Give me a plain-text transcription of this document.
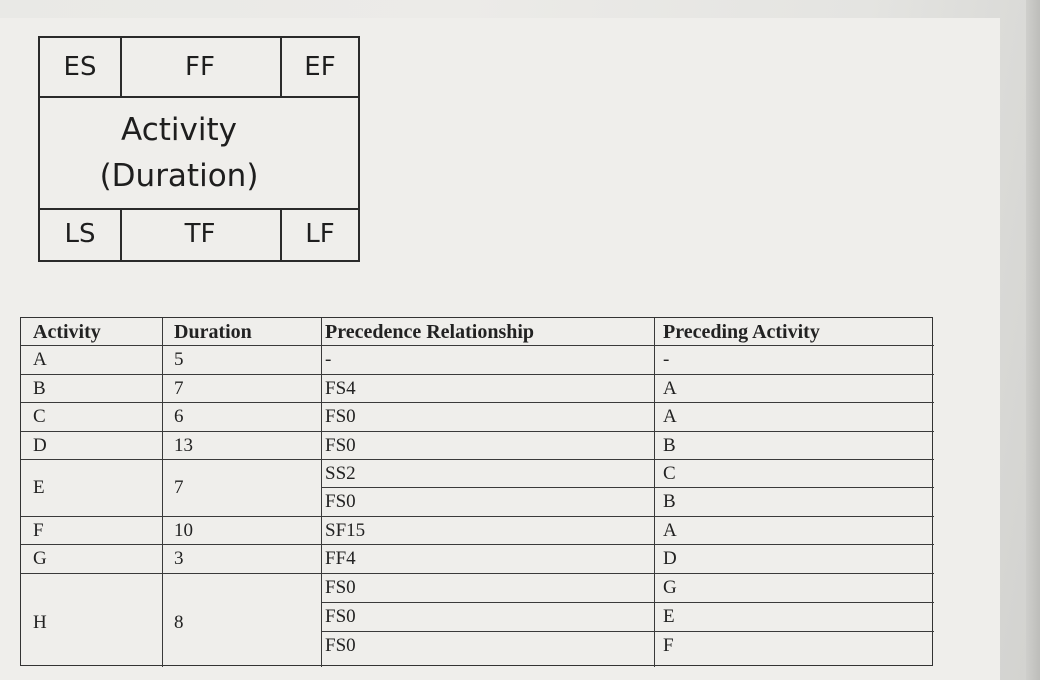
ES	FF	EF
Activity
(Duration)
LS	TF	LF
Activity	Duration	Precedence Relationship	Preceding Activity
A	5	-	-
B	7	FS4	A
C	6	FS0	A
D	13	FS0	B
E	7
SS2	C
FS0	B
F	10	SF15	A
G	3	FF4	D
H	8
FS0	G
FS0	E
FS0	F
